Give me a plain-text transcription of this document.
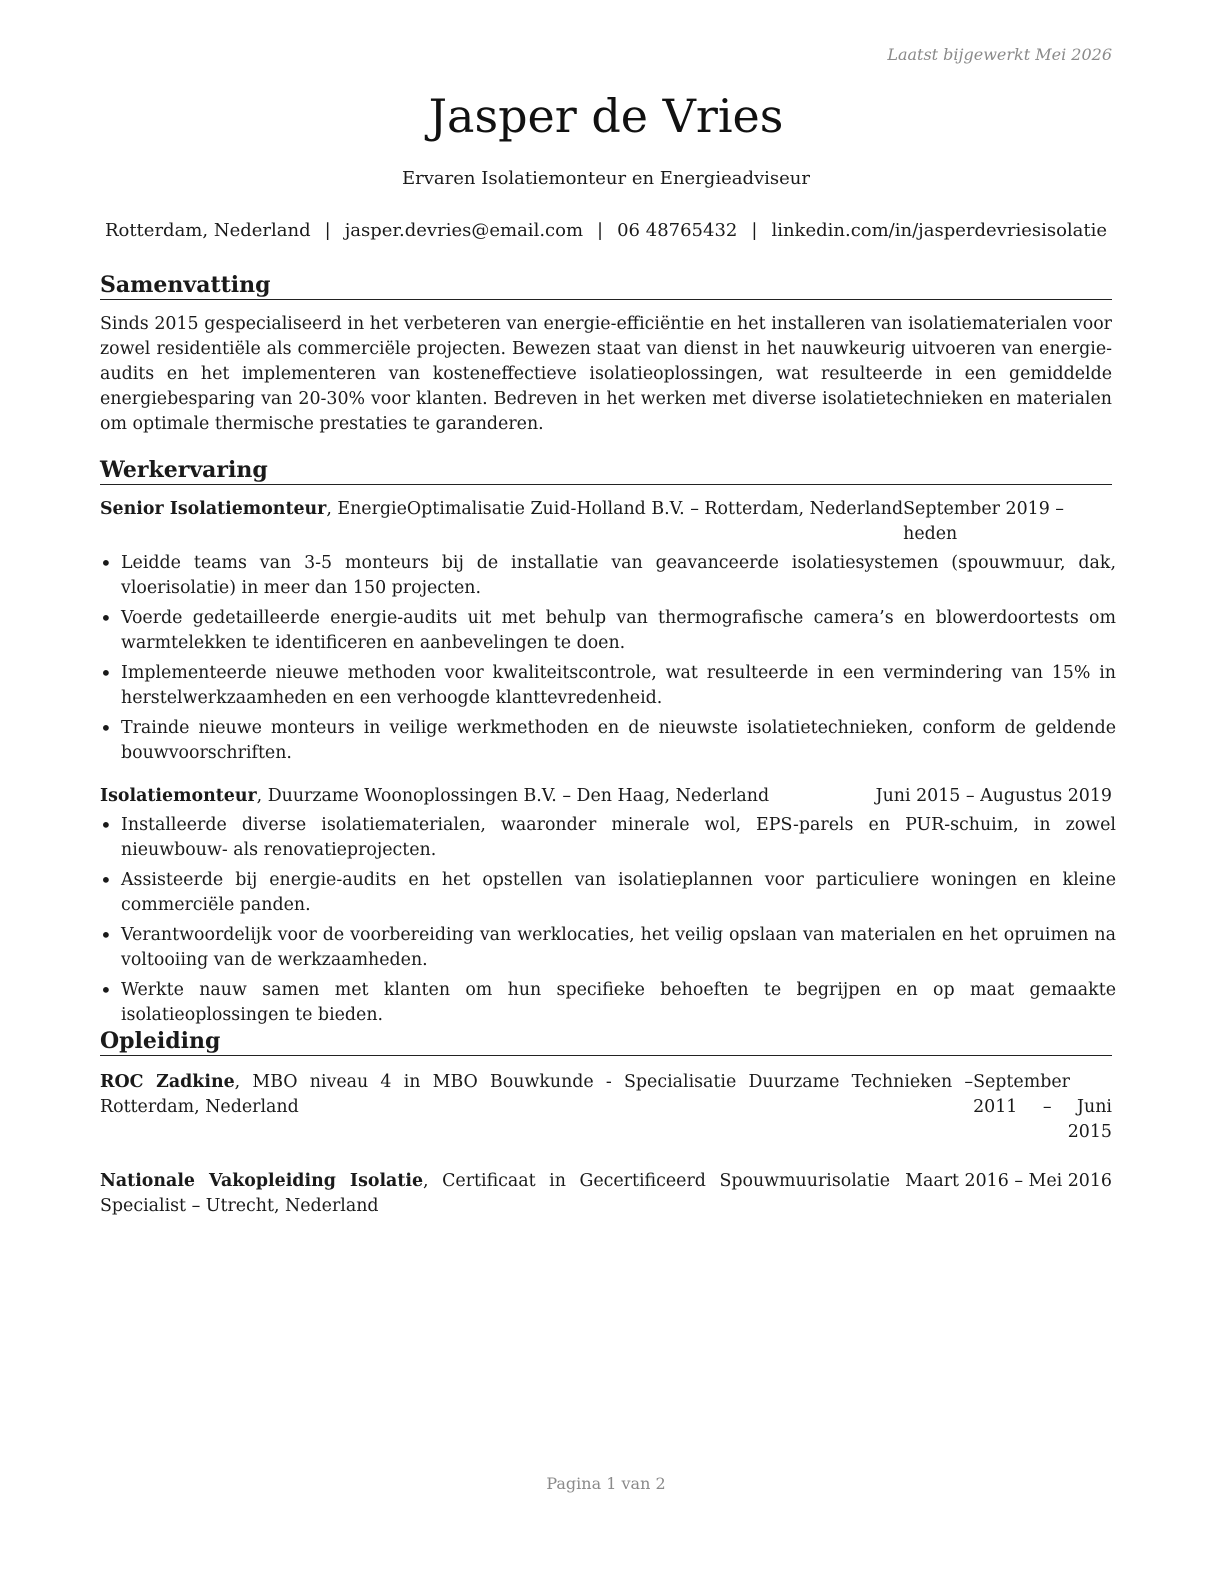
Laatst bijgewerkt Mei 2026
Jasper de Vries
Ervaren Isolatiemonteur en Energieadviseur
Rotterdam, Nederland | jasper.devries@email.com | 06 48765432 | linkedin.com/in/jasperdevriesisolatie
Samenvatting

Sinds 2015 gespecialiseerd in het verbeteren van energie-efficiëntie en het installeren van isolatiematerialen voor zowel residentiële als commerciële projecten. Bewezen staat van dienst in het nauwkeurig uitvoeren van energie-audits en het implementeren van kosteneffectieve isolatieoplossingen, wat resulteerde in een gemiddelde energiebesparing van 20-30% voor klanten. Bedreven in het werken met diverse isolatietechnieken en materialen om optimale thermische prestaties te garanderen.

Werkervaring
Senior Isolatiemonteur, EnergieOptimalisatie Zuid-Holland B.V. – Rotterdam, Nederland September 2019 – heden
• Leidde teams van 3-5 monteurs bij de installatie van geavanceerde isolatiesystemen (spouwmuur, dak, vloerisolatie) in meer dan 150 projecten.
• Voerde gedetailleerde energie-audits uit met behulp van thermografische camera’s en blowerdoortests om warmtelekken te identificeren en aanbevelingen te doen.
• Implementeerde nieuwe methoden voor kwaliteitscontrole, wat resulteerde in een vermindering van 15% in herstelwerkzaamheden en een verhoogde klanttevredenheid.
• Trainde nieuwe monteurs in veilige werkmethoden en de nieuwste isolatietechnieken, conform de geldende bouwvoorschriften.
Isolatiemonteur, Duurzame Woonoplossingen B.V. – Den Haag, Nederland	Juni 2015 – Augustus 2019
• Installeerde diverse isolatiematerialen, waaronder minerale wol, EPS-parels en PUR-schuim, in zowel nieuwbouw- als renovatieprojecten.
• Assisteerde bij energie-audits en het opstellen van isolatieplannen voor particuliere woningen en kleine commerciële panden.
• Verantwoordelijk voor de voorbereiding van werklocaties, het veilig opslaan van materialen en het opruimen na voltooiing van de werkzaamheden.
• Werkte nauw samen met klanten om hun specifieke behoeften te begrijpen en op maat gemaakte isolatieoplossingen te bieden.
Opleiding
ROC Zadkine, MBO niveau 4 in MBO Bouwkunde - Specialisatie Duurzame Technieken – Rotterdam, Nederland
September 2011 – Juni 2015
Nationale Vakopleiding Isolatie, Certificaat in Gecertificeerd Spouwmuurisolatie Specialist – Utrecht, Nederland
Maart 2016 – Mei 2016
Pagina 1 van 2
